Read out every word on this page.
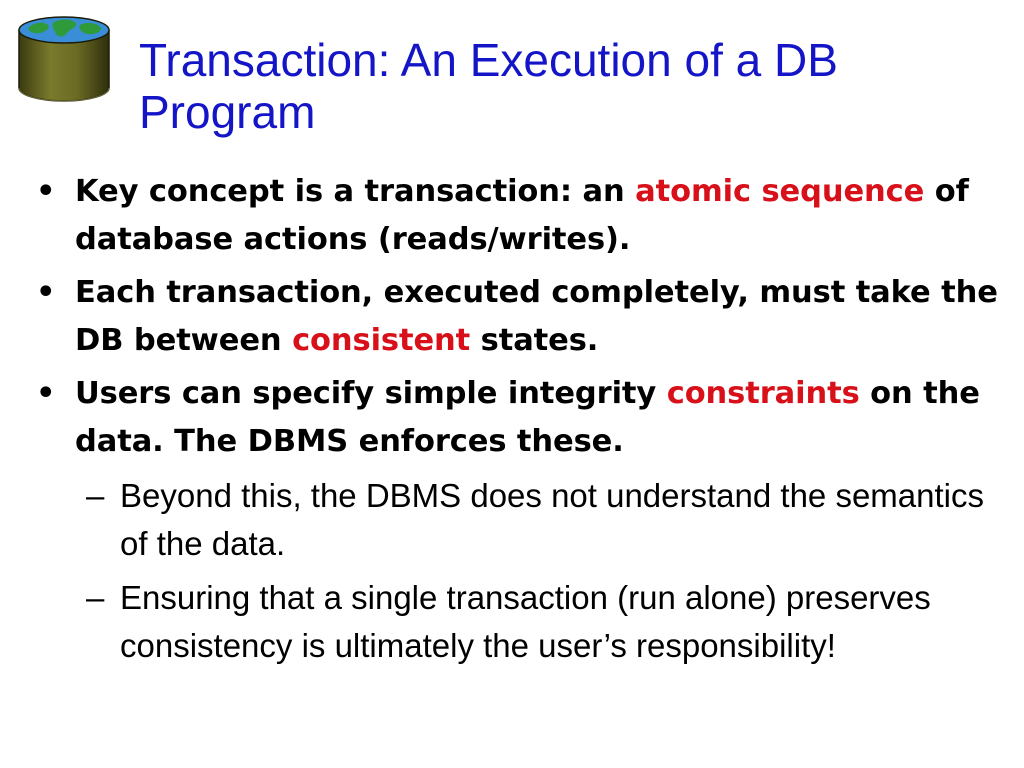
Transaction: An Execution of a DB Program
• Key concept is a transaction: an atomic sequence of database actions (reads/writes).
• Each transaction, executed completely, must take the DB between consistent states.
• Users can specify simple integrity constraints on the data. The DBMS enforces these.
– Beyond this, the DBMS does not understand the semantics of the data.
– Ensuring that a single transaction (run alone) preserves consistency is ultimately the user’s responsibility!
